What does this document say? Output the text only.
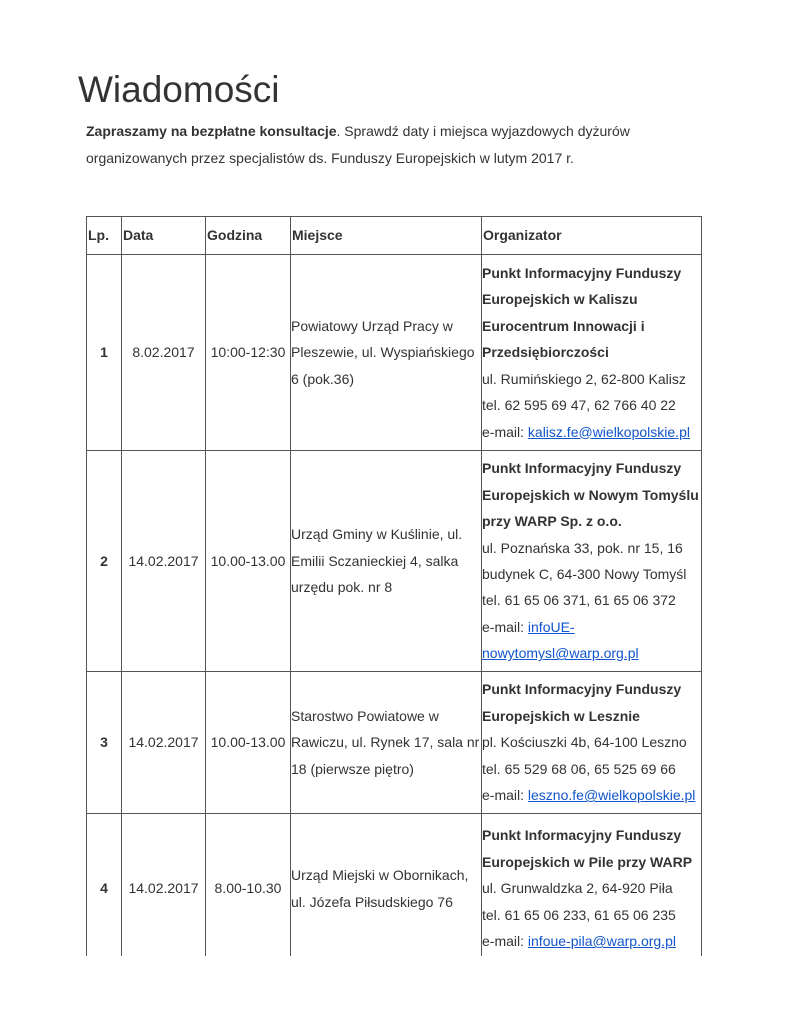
Wiadomości
Zapraszamy na bezpłatne konsultacje. Sprawdź daty i miejsca wyjazdowych dyżurów organizowanych przez specjalistów ds. Funduszy Europejskich w lutym 2017 r.
Lp.	Data	Godzina	Miejsce	Organizator
1	8.02.2017	10:00-12:30	Powiatowy Urząd Pracy w Pleszewie, ul. Wyspiańskiego 6 (pok.36)	Punkt Informacyjny Funduszy Europejskich w Kaliszu Eurocentrum Innowacji i Przedsiębiorczości
ul. Rumińskiego 2, 62-800 Kalisz
tel. 62 595 69 47, 62 766 40 22
e-mail: kalisz.fe@wielkopolskie.pl

2	14.02.2017	10.00-13.00	Urząd Gminy w Kuślinie, ul. Emilii Sczanieckiej 4, salka urzędu pok. nr 8	Punkt Informacyjny Funduszy Europejskich w Nowym Tomyślu przy WARP Sp. z o.o.
ul. Poznańska 33, pok. nr 15, 16 budynek C, 64-300 Nowy Tomyśl
tel. 61 65 06 371, 61 65 06 372
e-mail: infoUE-nowytomysl@warp.org.pl

3	14.02.2017	10.00-13.00	Starostwo Powiatowe w Rawiczu, ul. Rynek 17, sala nr 18 (pierwsze piętro)	Punkt Informacyjny Funduszy Europejskich w Lesznie
pl. Kościuszki 4b, 64-100 Leszno
tel. 65 529 68 06, 65 525 69 66
e-mail: leszno.fe@wielkopolskie.pl

4	14.02.2017	8.00-10.30	Urząd Miejski w Obornikach, ul. Józefa Piłsudskiego 76	Punkt Informacyjny Funduszy Europejskich w Pile przy WARP
ul. Grunwaldzka 2, 64-920 Piła
tel. 61 65 06 233, 61 65 06 235
e-mail: infoue-pila@warp.org.pl
